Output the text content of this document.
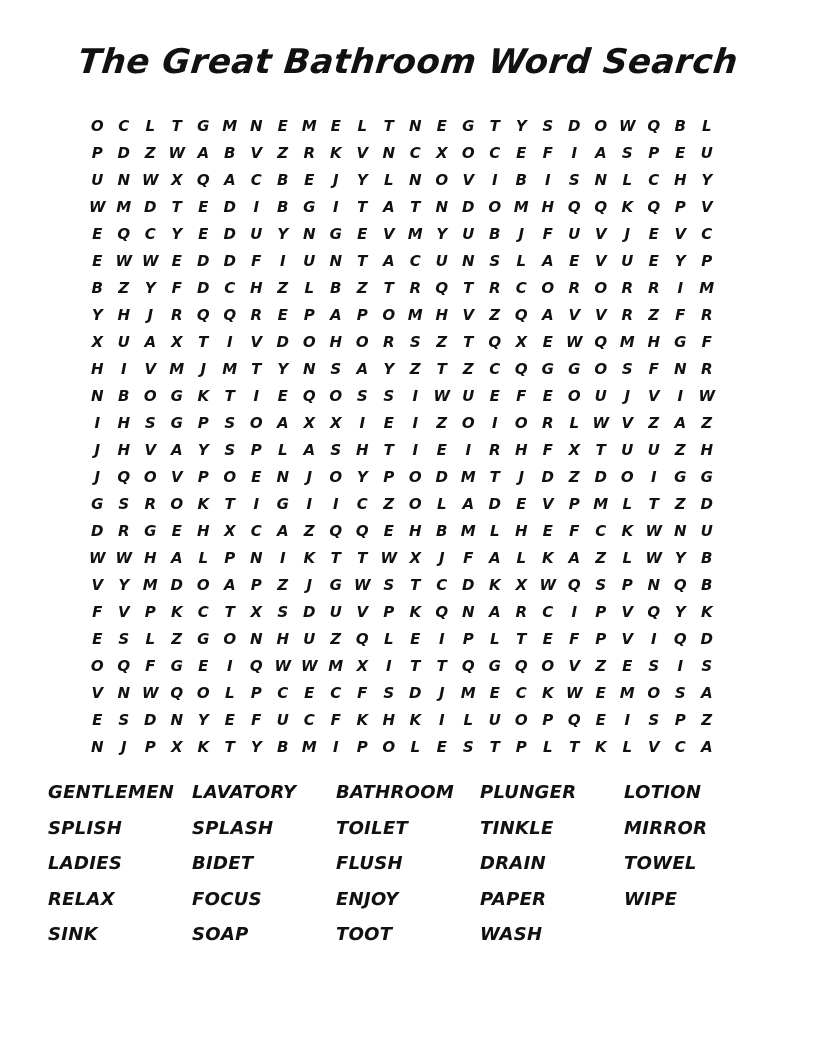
The Great Bathroom Word Search
O C	L	T	G M N	E M E	L	T	N	E	G	T	Y	S D O W Q B	L
P D Z W A B V	Z	R K V N C	X O C	E	F	I	A	S	P	E	U
U N W X Q A	C	B	E	J	Y	L	N O V	I	B	I	S N	L	C H Y
W M D	T	E	D	I	B G	I	T	A	T	N D O M H Q Q K Q P	V
E Q C	Y	E	D U Y N G	E	V M Y U B	J	F	U V	J	E	V	C
E W W E	D D	F	I	U N	T	A	C U N S	L	A	E	V U	E	Y	P
B	Z	Y	F	D C H Z	L	B	Z	T	R Q	T	R	C O R O R R	I	M
Y H	J	R Q Q R	E	P	A	P O M H V	Z Q A V V R	Z	F	R
X U A X	T	I	V D O H O R	S	Z	T	Q X	E W Q M H G	F
H	I	V M	J	M T	Y N S	A	Y	Z	T	Z	C Q G G O S	F	N R
N B O G K	T	I	E Q O S	S	I	W U	E	F	E O U	J	V	I	W
I	H S G P	S O A X X	I	E	I	Z O	I	O R	L W V	Z	A	Z
J	H V A	Y	S	P	L	A	S H	T	I	E	I	R H	F	X	T	U U Z H
J	Q O V	P O	E	N	J	O Y	P O D M T	J	D Z D O	I	G G
G S	R O K	T	I	G	I	I	C	Z O	L	A D	E	V	P M L	T	Z D
D R G	E	H X	C	A	Z Q Q	E	H B M L	H	E	F	C	K W N U
W W H A	L	P N	I	K	T	T W X	J	F	A	L	K A	Z	L W Y	B
V	Y M D O A	P	Z	J	G W S	T	C D K X W Q S	P N Q B
F	V	P	K	C	T	X	S D U V	P	K Q N A R	C	I	P	V Q Y	K
E	S	L	Z G O N H U Z Q	L	E	I	P	L	T	E	F	P	V	I	Q D
O Q	F	G	E	I	Q W W M X	I	T	T	Q G Q O V	Z	E	S	I	S
V N W Q O	L	P	C	E	C	F	S D	J	M E	C	K W E M O S	A
E	S D N Y	E	F	U C	F	K H K	I	L	U O P Q	E	I	S	P	Z
N	J	P	X K	T	Y	B M	I	P O	L	E	S	T	P	L	T	K	L	V	C	A
GENTLEMEN LAVATORY	BATHROOM	PLUNGER	LOTION
SPLISH	SPLASH	TOILET	TINKLE	MIRROR
LADIES	BIDET	FLUSH	DRAIN	TOWEL
RELAX	FOCUS	ENJOY	PAPER	WIPE
SINK	SOAP	TOOT	WASH
